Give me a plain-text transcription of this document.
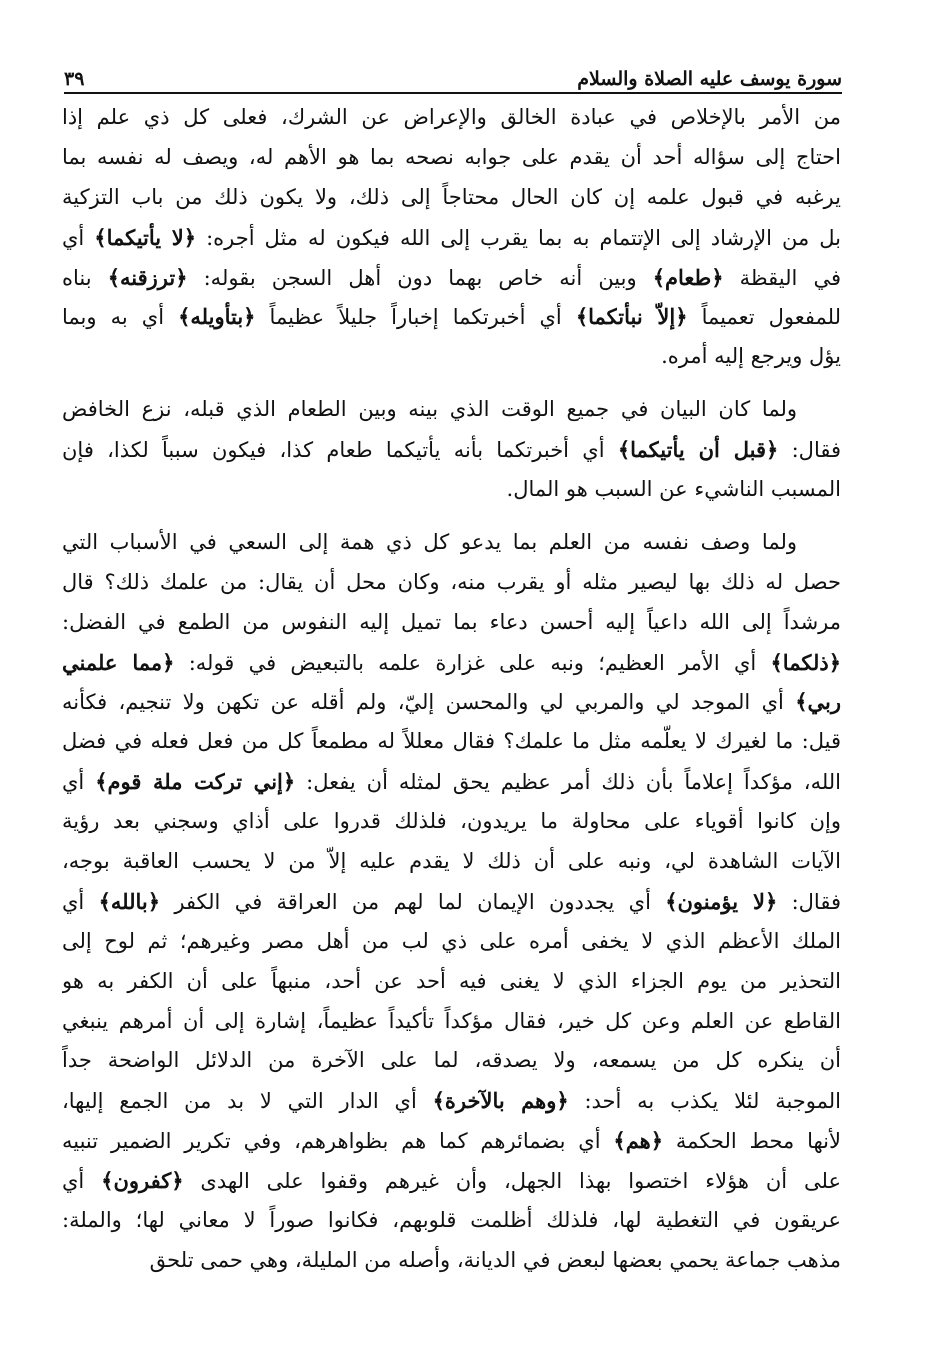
سورة يوسف عليه الصلاة والسلام
٣٩
من الأمر بالإخلاص في عبادة الخالق والإعراض عن الشرك، فعلى كل ذي علم إذا
احتاج إلى سؤاله أحد أن يقدم على جوابه نصحه بما هو الأهم له، ويصف له نفسه بما
يرغبه في قبول علمه إن كان الحال محتاجاً إلى ذلك، ولا يكون ذلك من باب التزكية
بل من الإرشاد إلى الإتتمام به بما يقرب إلى الله فيكون له مثل أجره: ﴿لا يأتيكما﴾ أي
في اليقظة ﴿طعام﴾ وبين أنه خاص بهما دون أهل السجن بقوله: ﴿ترزقنه﴾ بناه
للمفعول تعميماً ﴿إلاّ نبأتكما﴾ أي أخبرتكما إخباراً جليلاً عظيماً ﴿بتأويله﴾ أي به وبما
يؤل ويرجع إليه أمره.
ولما كان البيان في جميع الوقت الذي بينه وبين الطعام الذي قبله، نزع الخافض
فقال: ﴿قبل أن يأتيكما﴾ أي أخبرتكما بأنه يأتيكما طعام كذا، فيكون سبباً لكذا، فإن
المسبب الناشيء عن السبب هو المال.
ولما وصف نفسه من العلم بما يدعو كل ذي همة إلى السعي في الأسباب التي
حصل له ذلك بها ليصير مثله أو يقرب منه، وكان محل أن يقال: من علمك ذلك؟ قال
مرشداً إلى الله داعياً إليه أحسن دعاء بما تميل إليه النفوس من الطمع في الفضل:
﴿ذلكما﴾ أي الأمر العظيم؛ ونبه على غزارة علمه بالتبعيض في قوله: ﴿مما علمني
ربي﴾ أي الموجد لي والمربي لي والمحسن إليّ، ولم أقله عن تكهن ولا تنجيم، فكأنه
قيل: ما لغيرك لا يعلّمه مثل ما علمك؟ فقال معللاً له مطمعاً كل من فعل فعله في فضل
الله، مؤكداً إعلاماً بأن ذلك أمر عظيم يحق لمثله أن يفعل: ﴿إني تركت ملة قوم﴾ أي
وإن كانوا أقوياء على محاولة ما يريدون، فلذلك قدروا على أذاي وسجني بعد رؤية
الآيات الشاهدة لي، ونبه على أن ذلك لا يقدم عليه إلاّ من لا يحسب العاقبة بوجه،
فقال: ﴿لا يؤمنون﴾ أي يجددون الإيمان لما لهم من العراقة في الكفر ﴿بالله﴾ أي
الملك الأعظم الذي لا يخفى أمره على ذي لب من أهل مصر وغيرهم؛ ثم لوح إلى
التحذير من يوم الجزاء الذي لا يغنى فيه أحد عن أحد، منبهاً على أن الكفر به هو
القاطع عن العلم وعن كل خير، فقال مؤكداً تأكيداً عظيماً، إشارة إلى أن أمرهم ينبغي
أن ينكره كل من يسمعه، ولا يصدقه، لما على الآخرة من الدلائل الواضحة جداً
الموجبة لئلا يكذب به أحد: ﴿وهم بالآخرة﴾ أي الدار التي لا بد من الجمع إليها،
لأنها محط الحكمة ﴿هم﴾ أي بضمائرهم كما هم بظواهرهم، وفي تكرير الضمير تنبيه
على أن هؤلاء اختصوا بهذا الجهل، وأن غيرهم وقفوا على الهدى ﴿كفرون﴾ أي
عريقون في التغطية لها، فلذلك أظلمت قلوبهم، فكانوا صوراً لا معاني لها؛ والملة:
مذهب جماعة يحمي بعضها لبعض في الديانة، وأصله من المليلة، وهي حمى تلحق
